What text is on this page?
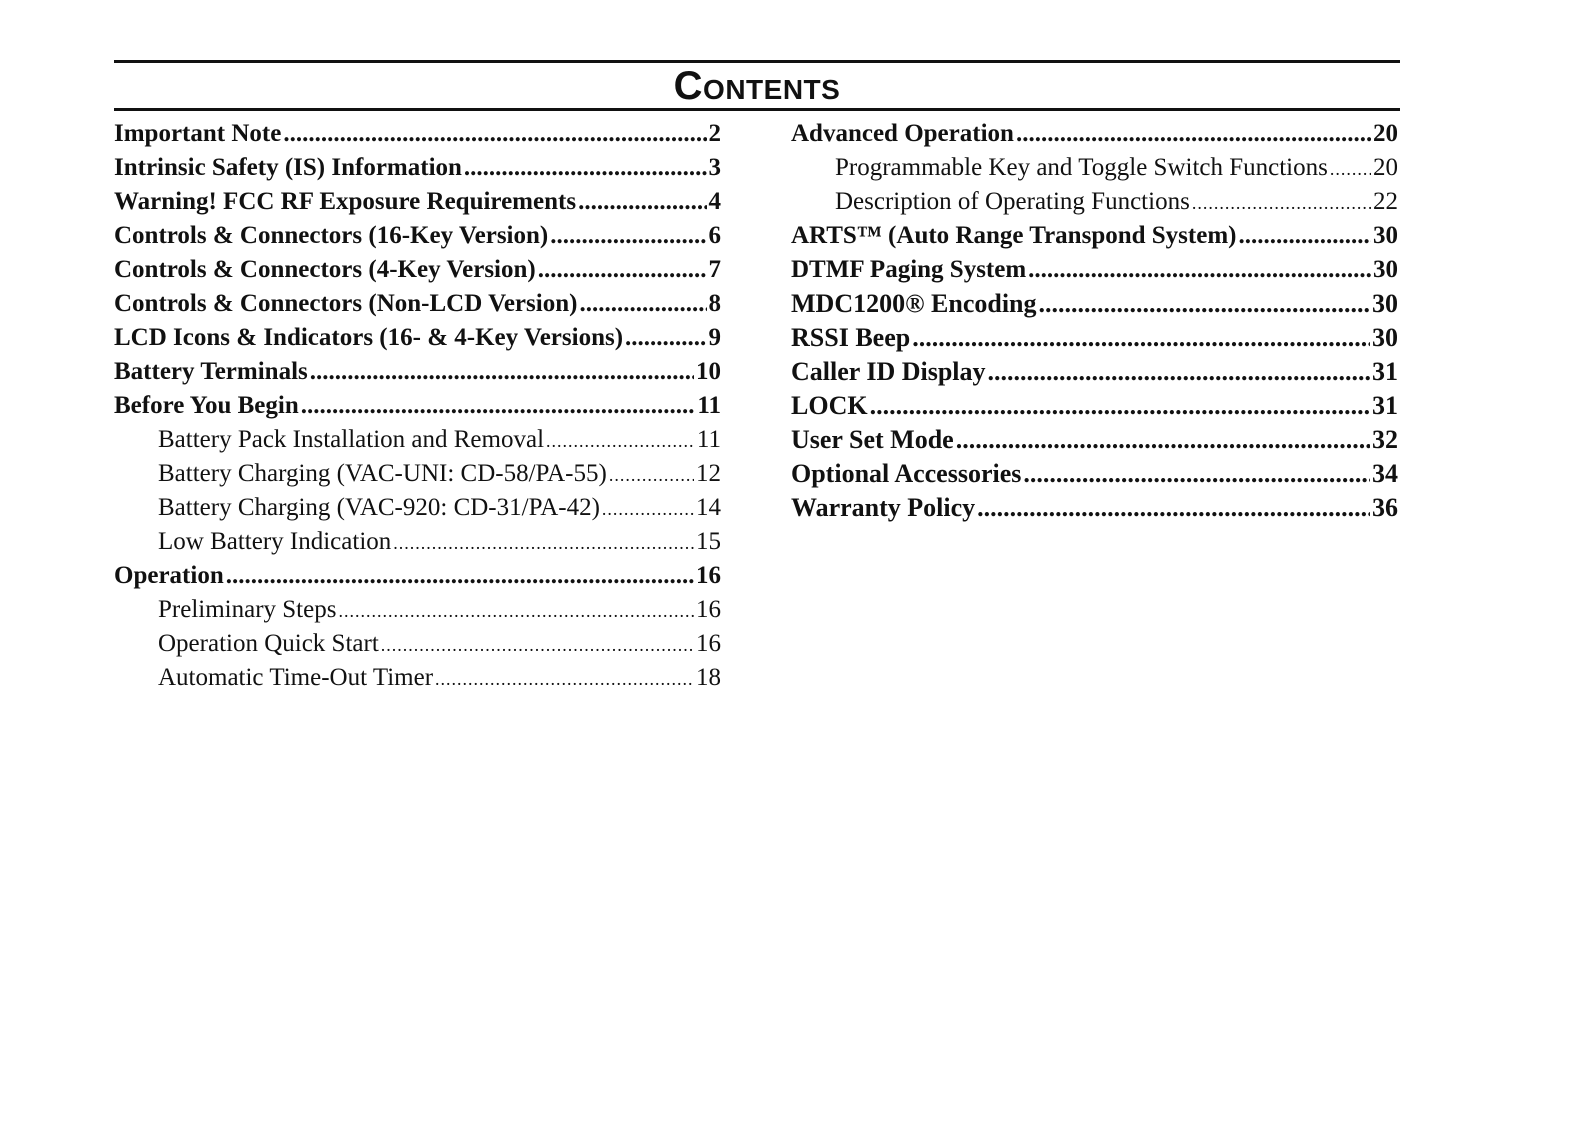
Contents
Important Note .....	2
Intrinsic Safety (IS) Information .....	3
Warning! FCC RF Exposure Requirements .....	4
Controls & Connectors (16-Key Version) .....	6
Controls & Connectors (4-Key Version) .....	7
Controls & Connectors (Non-LCD Version) .....	8
LCD Icons & Indicators (16- & 4-Key Versions) .....	9
Battery Terminals .....	10
Before You Begin .....	11
Battery Pack Installation and Removal .....	11
Battery Charging (VAC-UNI: CD-58/PA-55) .....	12
Battery Charging (VAC-920: CD-31/PA-42) .....	14
Low Battery Indication .....	15
Operation .....	16
Preliminary Steps .....	16
Operation Quick Start .....	16
Automatic Time-Out Timer .....	18
Advanced Operation .....	20
Programmable Key and Toggle Switch Functions ..... 20
Description of Operating Functions .....	22
ARTS™ (Auto Range Transpond System) .....	30
DTMF Paging System .....	30
MDC1200® Encoding .....	30
RSSI Beep .....	30
Caller ID Display .....	31
LOCK .....	31
User Set Mode .....	32
Optional Accessories .....	34
Warranty Policy .....	36
